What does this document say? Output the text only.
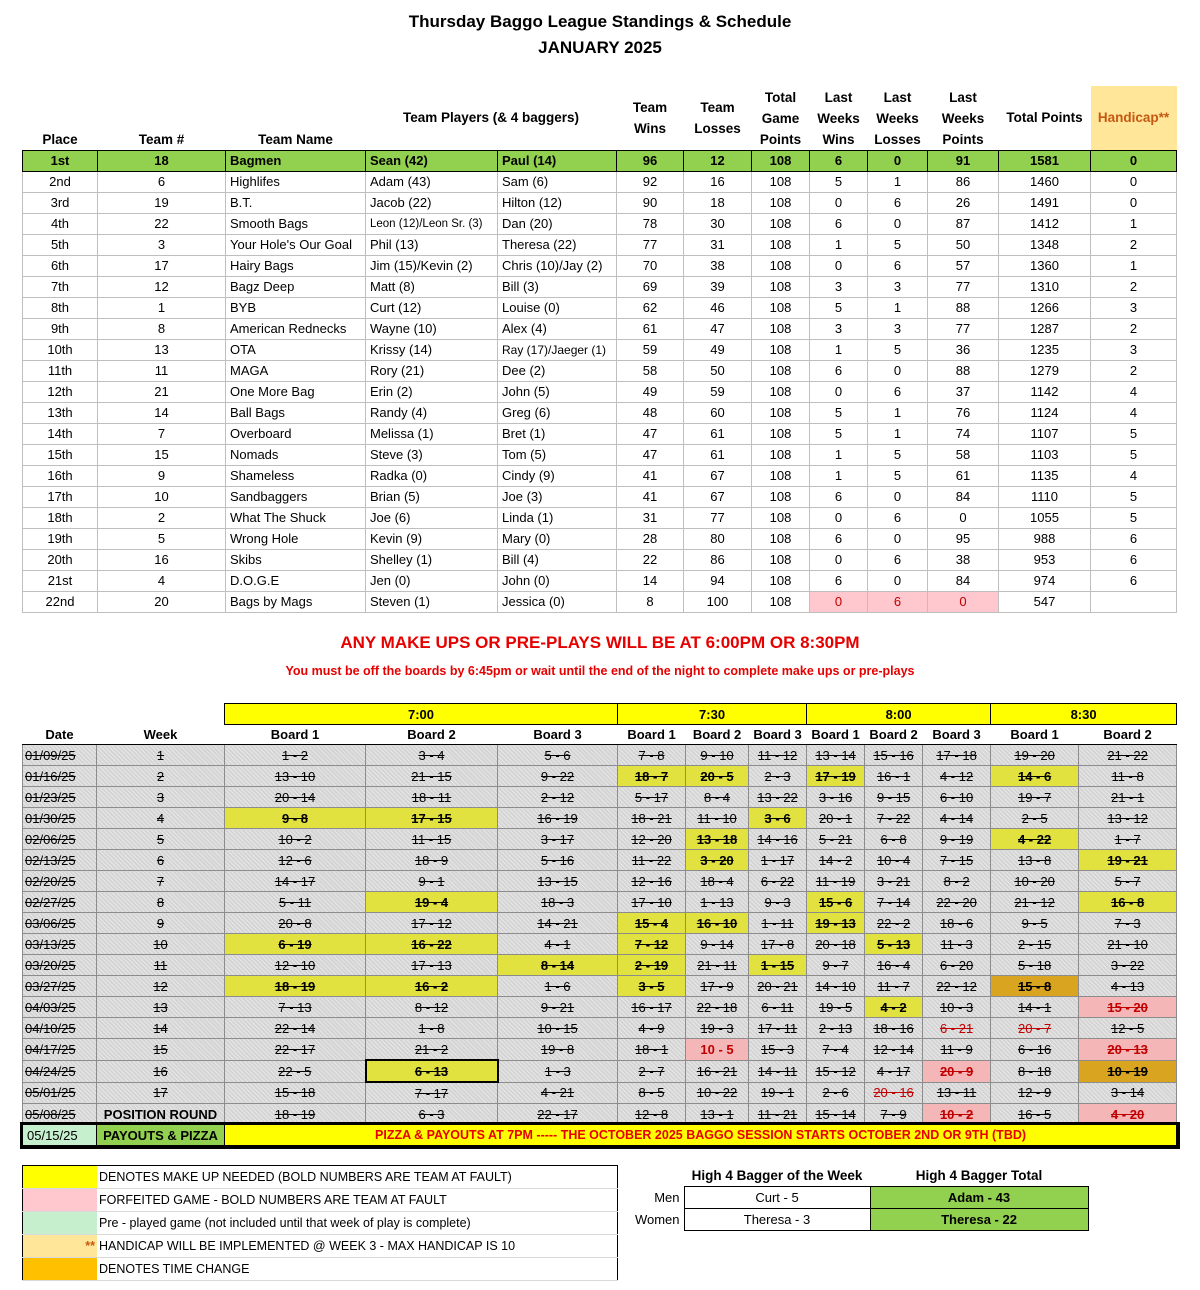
Thursday Baggo League Standings & Schedule
JANUARY 2025
Place	Team #	Team Name	Team Players (& 4 baggers)		Team Wins	Team Losses	Total Game Points	Last Weeks Wins	Last Weeks Losses	Last Weeks Points	Total Points	Handicap**
1st	18	Bagmen	Sean (42)	Paul (14)	96	12	108	6	0	91	1581	0
2nd	6	Highlifes	Adam (43)	Sam (6)	92	16	108	5	1	86	1460	0
3rd	19	B.T.	Jacob (22)	Hilton (12)	90	18	108	0	6	26	1491	0
4th	22	Smooth Bags	Leon (12)/Leon Sr. (3)	Dan (20)	78	30	108	6	0	87	1412	1
5th	3	Your Hole's Our Goal	Phil (13)	Theresa (22)	77	31	108	1	5	50	1348	2
6th	17	Hairy Bags	Jim (15)/Kevin (2)	Chris (10)/Jay (2)	70	38	108	0	6	57	1360	1
7th	12	Bagz Deep	Matt (8)	Bill (3)	69	39	108	3	3	77	1310	2
8th	1	BYB	Curt (12)	Louise (0)	62	46	108	5	1	88	1266	3
9th	8	American Rednecks	Wayne (10)	Alex (4)	61	47	108	3	3	77	1287	2
10th	13	OTA	Krissy (14)	Ray (17)/Jaeger (1)	59	49	108	1	5	36	1235	3
11th	11	MAGA	Rory (21)	Dee (2)	58	50	108	6	0	88	1279	2
12th	21	One More Bag	Erin (2)	John (5)	49	59	108	0	6	37	1142	4
13th	14	Ball Bags	Randy (4)	Greg (6)	48	60	108	5	1	76	1124	4
14th	7	Overboard	Melissa (1)	Bret (1)	47	61	108	5	1	74	1107	5
15th	15	Nomads	Steve (3)	Tom (5)	47	61	108	1	5	58	1103	5
16th	9	Shameless	Radka (0)	Cindy (9)	41	67	108	1	5	61	1135	4
17th	10	Sandbaggers	Brian (5)	Joe (3)	41	67	108	6	0	84	1110	5
18th	2	What The Shuck	Joe (6)	Linda (1)	31	77	108	0	6	0	1055	5
19th	5	Wrong Hole	Kevin (9)	Mary (0)	28	80	108	6	0	95	988	6
20th	16	Skibs	Shelley (1)	Bill (4)	22	86	108	0	6	38	953	6
21st	4	D.O.G.E	Jen (0)	John (0)	14	94	108	6	0	84	974	6
22nd	20	Bags by Mags	Steven (1)	Jessica (0)	8	100	108	0	6	0	547	
ANY MAKE UPS OR PRE-PLAYS WILL BE AT 6:00PM OR 8:30PM
You must be off the boards by 6:45pm or wait until the end of the night to complete make ups or pre-plays
		7:00			7:30			8:00			8:30	
Date	Week	Board 1	Board 2	Board 3	Board 1	Board 2	Board 3	Board 1	Board 2	Board 3	Board 1	Board 2
01/09/25	1	1 - 2	3 - 4	5 - 6	7 - 8	9 - 10	11 - 12	13 - 14	15 - 16	17 - 18	19 - 20	21 - 22
01/16/25	2	13 - 10	21 - 15	9 - 22	18 - 7	20 - 5	2 - 3	17 - 19	16 - 1	4 - 12	14 - 6	11 - 8
01/23/25	3	20 - 14	18 - 11	2 - 12	5 - 17	8 - 4	13 - 22	3 - 16	9 - 15	6 - 10	19 - 7	21 - 1
01/30/25	4	9 - 8	17 - 15	16 - 19	18 - 21	11 - 10	3 - 6	20 - 1	7 - 22	4 - 14	2 - 5	13 - 12
02/06/25	5	10 - 2	11 - 15	3 - 17	12 - 20	13 - 18	14 - 16	5 - 21	6 - 8	9 - 19	4 - 22	1 - 7
02/13/25	6	12 - 6	18 - 9	5 - 16	11 - 22	3 - 20	1 - 17	14 - 2	10 - 4	7 - 15	13 - 8	19 - 21
02/20/25	7	14 - 17	9 - 1	13 - 15	12 - 16	18 - 4	6 - 22	11 - 19	3 - 21	8 - 2	10 - 20	5 - 7
02/27/25	8	5 - 11	19 - 4	18 - 3	17 - 10	1 - 13	9 - 3	15 - 6	7 - 14	22 - 20	21 - 12	16 - 8
03/06/25	9	20 - 8	17 - 12	14 - 21	15 - 4	16 - 10	1 - 11	19 - 13	22 - 2	18 - 6	9 - 5	7 - 3
03/13/25	10	6 - 19	16 - 22	4 - 1	7 - 12	9 - 14	17 - 8	20 - 18	5 - 13	11 - 3	2 - 15	21 - 10
03/20/25	11	12 - 10	17 - 13	8 - 14	2 - 19	21 - 11	1 - 15	9 - 7	16 - 4	6 - 20	5 - 18	3 - 22
03/27/25	12	18 - 19	16 - 2	1 - 6	3 - 5	17 - 9	20 - 21	14 - 10	11 - 7	22 - 12	15 - 8	4 - 13
04/03/25	13	7 - 13	8 - 12	9 - 21	16 - 17	22 - 18	6 - 11	19 - 5	4 - 2	10 - 3	14 - 1	15 - 20
04/10/25	14	22 - 14	1 - 8	10 - 15	4 - 9	19 - 3	17 - 11	2 - 13	18 - 16	6 - 21	20 - 7	12 - 5
04/17/25	15	22 - 17	21 - 2	19 - 8	18 - 1	10 - 5	15 - 3	7 - 4	12 - 14	11 - 9	6 - 16	20 - 13
04/24/25	16	22 - 5	6 - 13	1 - 3	2 - 7	16 - 21	14 - 11	15 - 12	4 - 17	20 - 9	8 - 18	10 - 19
05/01/25	17	15 - 18	7 - 17	4 - 21	8 - 5	10 - 22	19 - 1	2 - 6	20 - 16	13 - 11	12 - 9	3 - 14
05/08/25	POSITION ROUND	18 - 19	6 - 3	22 - 17	12 - 8	13 - 1	11 - 21	15 - 14	7 - 9	10 - 2	16 - 5	4 - 20
05/15/25	PAYOUTS & PIZZA	PIZZA & PAYOUTS AT 7PM ----- THE OCTOBER 2025 BAGGO SESSION STARTS OCTOBER 2ND OR 9TH (TBD)										
	DENOTES MAKE UP NEEDED (BOLD NUMBERS ARE TEAM AT FAULT)
	FORFEITED GAME - BOLD NUMBERS ARE TEAM AT FAULT
	Pre - played game (not included until that week of play is complete)
**	HANDICAP WILL BE IMPLEMENTED @ WEEK 3 - MAX HANDICAP IS 10
	DENOTES TIME CHANGE
	High 4 Bagger of the Week	High 4 Bagger Total
Men	Curt - 5	Adam - 43
Women	Theresa - 3	Theresa - 22
